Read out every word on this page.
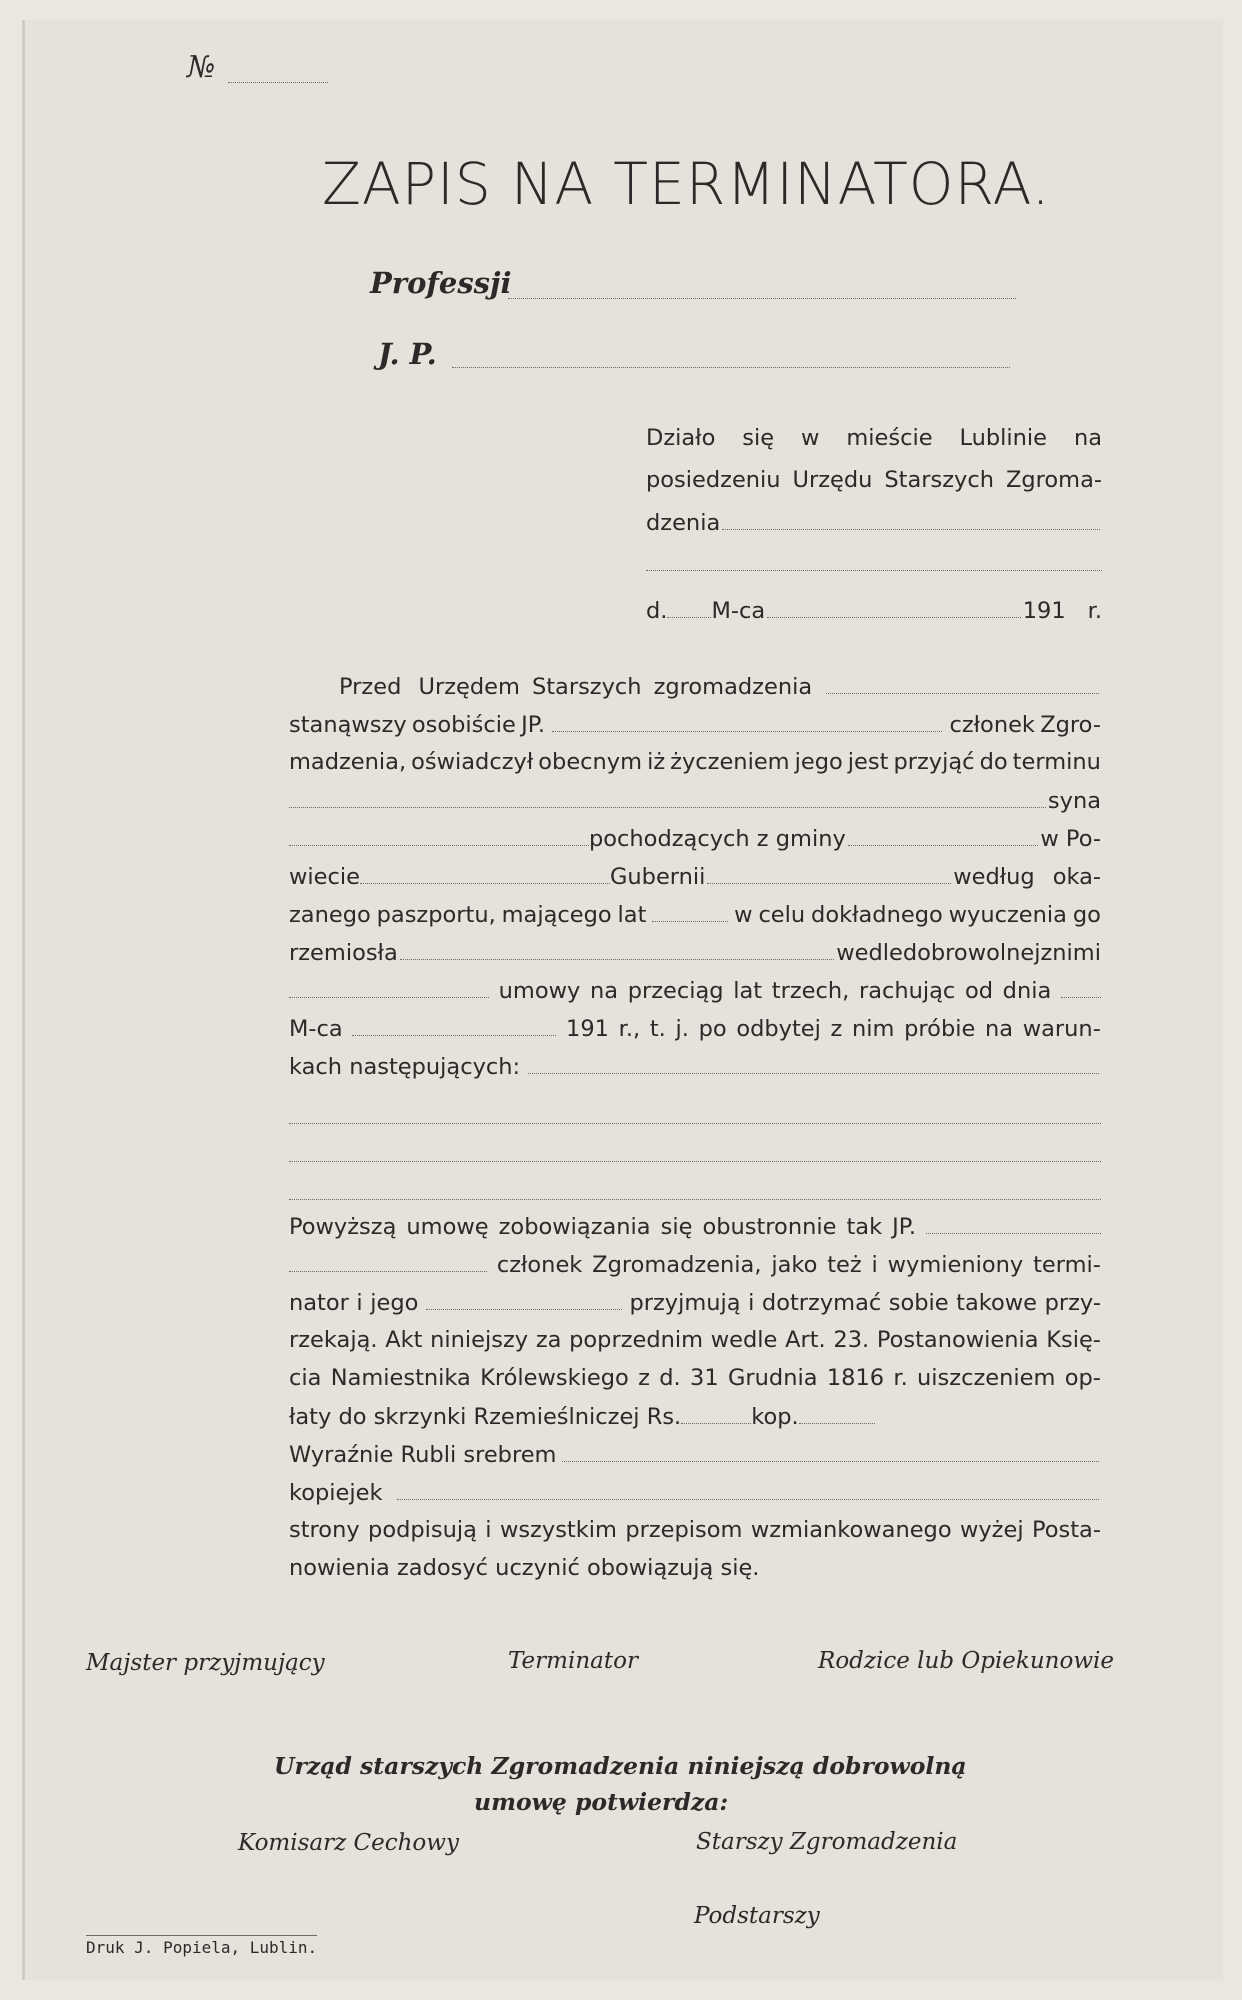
№
ZAPIS NA TERMINATORA.
Professji
J. P.
Działo się w mieście Lublinie na
posiedzeniu Urzędu Starszych Zgroma-
dzenia
d. M-ca	191 r.
Przed
Urzędem Starszych zgromadzenia
stanąwszy osobiście JP.	członek Zgro-
madzenia, oświadczył obecnym iż życzeniem jego jest przyjąć do terminu
syna
pochodzących z gminy	w Po-
wiecie	Gubernii	według oka-
zanego paszportu, mającego lat	w celu dokładnego wyuczenia go
rzemiosła	wedle dobrowolnej z nim i
umowy na przeciąg lat trzech, rachując od dnia
M-ca	191 r., t. j. po odbytej z nim próbie na warun-
kach następujących:
Powyższą umowę zobowiązania się obustronnie tak JP.
członek Zgromadzenia, jako też i wymieniony termi-
nator i jego	przyjmują i dotrzymać sobie takowe przy-
rzekają. Akt niniejszy za poprzednim wedle Art. 23. Postanowienia Księ-
cia Namiestnika Królewskiego z d. 31 Grudnia 1816 r. uiszczeniem op-
łaty do skrzynki Rzemieślniczej Rs.	kop.
Wyraźnie Rubli srebrem
kopiejek
strony podpisują i wszystkim przepisom wzmiankowanego wyżej Posta-
nowienia zadosyć uczynić obowiązują się.
Majster przyjmujący	Terminator	Rodzice lub Opiekunowie
Urząd starszych Zgromadzenia niniejszą dobrowolną
umowę potwierdza:
Komisarz Cechowy	Starszy Zgromadzenia
Podstarszy
Druk J. Popiela, Lublin.
